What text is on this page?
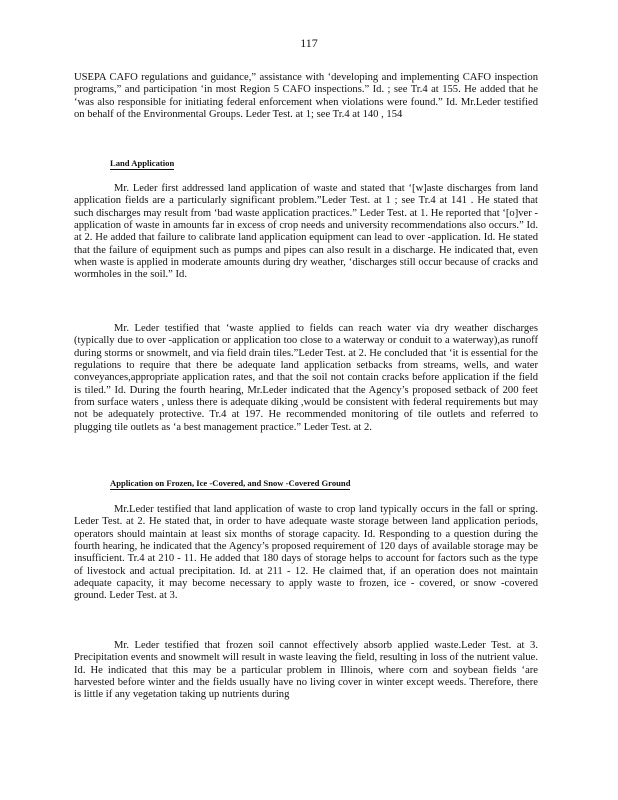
117

USEPA CAFO regulations and guidance,” assistance with ‘developing and implementing CAFO inspection programs,” and participation ‘in most Region 5 CAFO inspections.” Id. ; see Tr.4 at 155. He added that he ‘was also responsible for initiating federal enforcement when violations were found.” Id. Mr.Leder testified on behalf of the Environmental Groups. Leder Test. at 1; see Tr.4 at 140 , 154

Land Application

Mr. Leder first addressed land application of waste and stated that ‘[w]aste discharges from land application fields are a particularly significant problem.”Leder Test. at 1 ; see Tr.4 at 141 . He stated that such discharges may result from ‘bad waste application practices.” Leder Test. at 1. He reported that ‘[o]ver -application of waste in amounts far in excess of crop needs and university recommendations also occurs.” Id. at 2. He added that failure to calibrate land application equipment can lead to over -application. Id. He stated that the failure of equipment such as pumps and pipes can also result in a discharge. He indicated that, even when waste is applied in moderate amounts during dry weather, ‘discharges still occur because of cracks and wormholes in the soil.” Id.

Mr. Leder testified that ‘waste applied to fields can reach water via dry weather discharges (typically due to over -application or application too close to a waterway or conduit to a waterway),as runoff during storms or snowmelt, and via field drain tiles.”Leder Test. at 2. He concluded that ‘it is essential for the regulations to require that there be adequate land application setbacks from streams, wells, and water conveyances,appropriate application rates, and that the soil not contain cracks before application if the field is tiled.” Id. During the fourth hearing, Mr.Leder indicated that the Agency’s proposed setback of 200 feet from surface waters , unless there is adequate diking ,would be consistent with federal requirements but may not be adequately protective. Tr.4 at 197. He recommended monitoring of tile outlets and referred to plugging tile outlets as ‘a best management practice.” Leder Test. at 2.

Application on Frozen, Ice -Covered, and Snow -Covered Ground

Mr.Leder testified that land application of waste to crop land typically occurs in the fall or spring. Leder Test. at 2. He stated that, in order to have adequate waste storage between land application periods, operators should maintain at least six months of storage capacity. Id. Responding to a question during the fourth hearing, he indicated that the Agency’s proposed requirement of 120 days of available storage may be insufficient. Tr.4 at 210 - 11. He added that 180 days of storage helps to account for factors such as the type of livestock and actual precipitation. Id. at 211 - 12. He claimed that, if an operation does not maintain adequate capacity, it may become necessary to apply waste to frozen, ice - covered, or snow -covered ground. Leder Test. at 3.

Mr. Leder testified that frozen soil cannot effectively absorb applied waste.Leder Test. at 3. Precipitation events and snowmelt will result in waste leaving the field, resulting in loss of the nutrient value. Id. He indicated that this may be a particular problem in Illinois, where corn and soybean fields ‘are harvested before winter and the fields usually have no living cover in winter except weeds. Therefore, there is little if any vegetation taking up nutrients during
